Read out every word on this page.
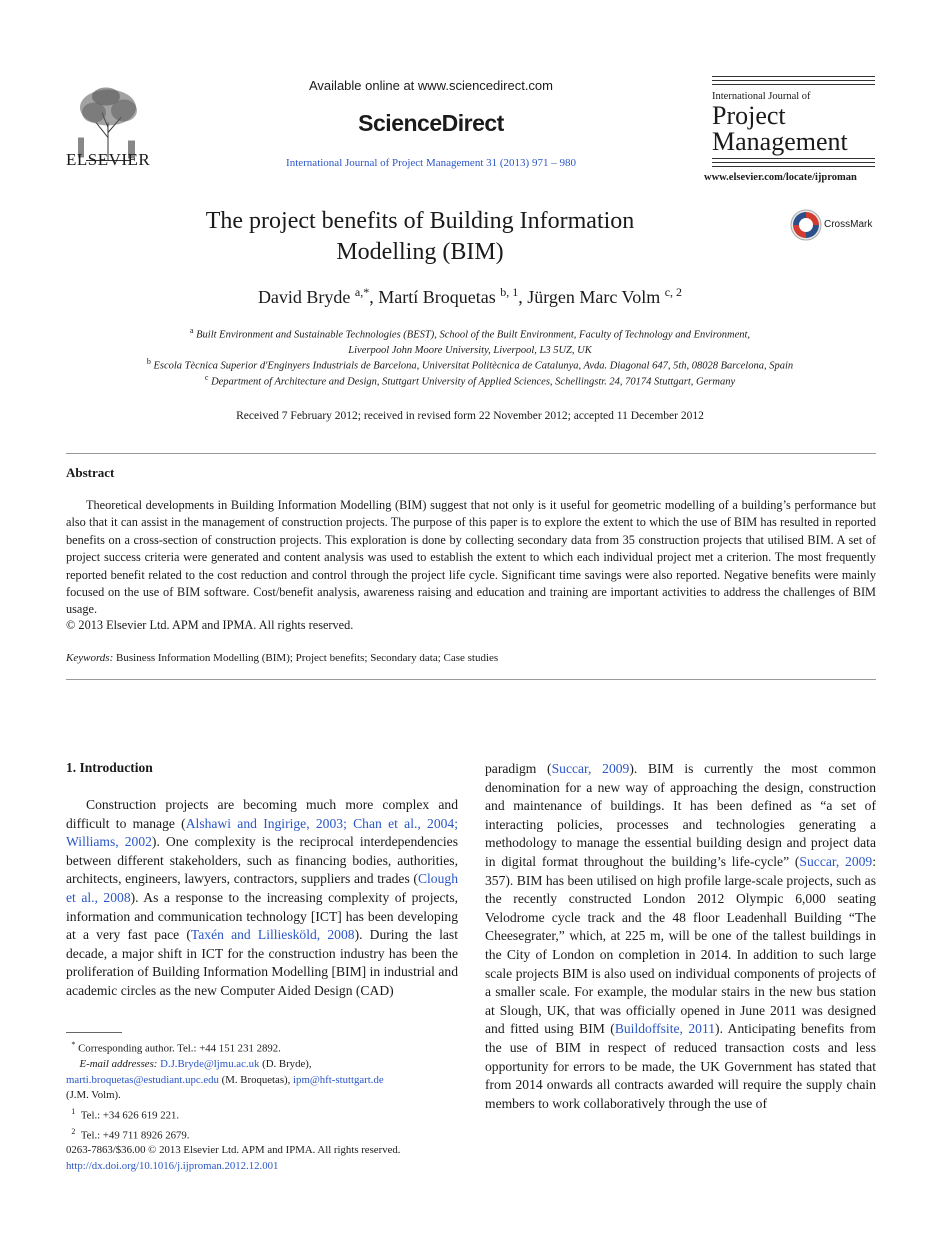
ELSEVIER
Available online at www.sciencedirect.com
ScienceDirect
International Journal of Project Management 31 (2013) 971 – 980
International Journal of
Project
Management
www.elsevier.com/locate/ijproman
The project benefits of Building Information
Modelling (BIM)
CrossMark
David Bryde $^{a,*}$, Martí Broquetas $^{b, 1}$, Jürgen Marc Volm $^{c, 2}$
$^a$ Built Environment and Sustainable Technologies (BEST), School of the Built Environment, Faculty of Technology and Environment,
Liverpool John Moore University, Liverpool, L3 5UZ, UK
$^b$ Escola Tècnica Superior d'Enginyers Industrials de Barcelona, Universitat Politècnica de Catalunya, Avda. Diagonal 647, 5th, 08028 Barcelona, Spain
$^c$ Department of Architecture and Design, Stuttgart University of Applied Sciences, Schellingstr. 24, 70174 Stuttgart, Germany
Received 7 February 2012; received in revised form 22 November 2012; accepted 11 December 2012
Abstract

Theoretical developments in Building Information Modelling (BIM) suggest that not only is it useful for geometric modelling of a building’s performance but also that it can assist in the management of construction projects. The purpose of this paper is to explore the extent to which the use of BIM has resulted in reported benefits on a cross-section of construction projects. This exploration is done by collecting secondary data from 35 construction projects that utilised BIM. A set of project success criteria were generated and content analysis was used to establish the extent to which each individual project met a criterion. The most frequently reported benefit related to the cost reduction and control through the project life cycle. Significant time savings were also reported. Negative benefits were mainly focused on the use of BIM software. Cost/benefit analysis, awareness raising and education and training are important activities to address the challenges of BIM usage.

© 2013 Elsevier Ltd. APM and IPMA. All rights reserved.
Keywords: Business Information Modelling (BIM); Project benefits; Secondary data; Case studies
1. Introduction

Construction projects are becoming much more complex and difficult to manage (Alshawi and Ingirige, 2003; Chan et al., 2004; Williams, 2002). One complexity is the reciprocal interdependencies between different stakeholders, such as financing bodies, authorities, architects, engineers, lawyers, contractors, suppliers and trades (Clough et al., 2008). As a response to the increasing complexity of projects, information and communication technology [ICT] has been developing at a very fast pace (Taxén and Lilliesköld, 2008). During the last decade, a major shift in ICT for the construction industry has been the proliferation of Building Information Modelling [BIM] in industrial and academic circles as the new Computer Aided Design (CAD)

paradigm (Succar, 2009). BIM is currently the most common denomination for a new way of approaching the design, construction and maintenance of buildings. It has been defined as “a set of interacting policies, processes and technologies generating a methodology to manage the essential building design and project data in digital format throughout the building’s life-cycle” (Succar, 2009: 357). BIM has been utilised on high profile large-scale projects, such as the recently constructed London 2012 Olympic 6,000 seating Velodrome cycle track and the 48 floor Leadenhall Building “The Cheesegrater,” which, at 225 m, will be one of the tallest buildings in the City of London on completion in 2014. In addition to such large scale projects BIM is also used on individual components of projects of a smaller scale. For example, the modular stairs in the new bus station at Slough, UK, that was officially opened in June 2011 was designed and fitted using BIM (Buildoffsite, 2011). Anticipating benefits from the use of BIM in respect of reduced transaction costs and less opportunity for errors to be made, the UK Government has stated that from 2014 onwards all contracts awarded will require the supply chain members to work collaboratively through the use of

* Corresponding author. Tel.: +44 151 231 2892.
E-mail addresses: D.J.Bryde@ljmu.ac.uk (D. Bryde),
marti.broquetas@estudiant.upc.edu (M. Broquetas), ipm@hft-stuttgart.de
(J.M. Volm).
$^1$ Tel.: +34 626 619 221.
$^2$ Tel.: +49 711 8926 2679.
0263-7863/$36.00 © 2013 Elsevier Ltd. APM and IPMA. All rights reserved.
http://dx.doi.org/10.1016/j.ijproman.2012.12.001
